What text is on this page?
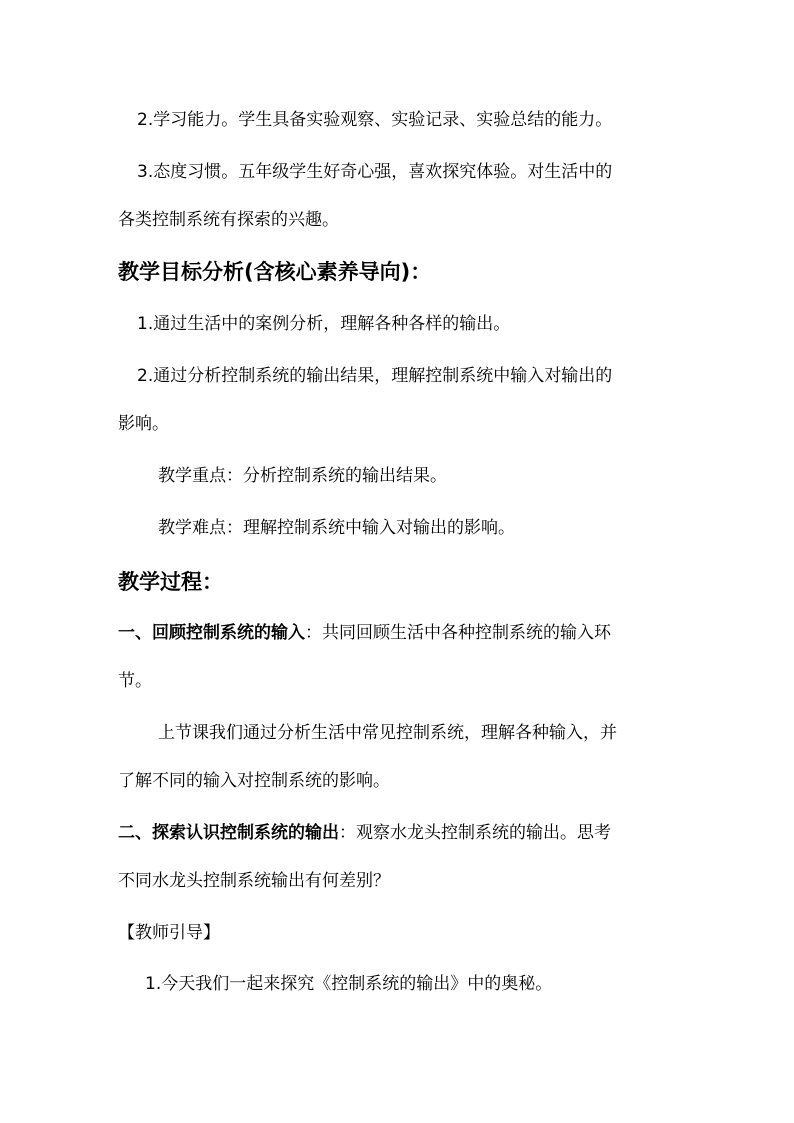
2.学习能力。学生具备实验观察、实验记录、实验总结的能力。
3.态度习惯。五年级学生好奇心强，喜欢探究体验。对生活中的
各类控制系统有探索的兴趣。
教学目标分析(含核心素养导向)：
1.通过生活中的案例分析，理解各种各样的输出。
2.通过分析控制系统的输出结果，理解控制系统中输入对输出的
影响。
教学重点：分析控制系统的输出结果。
教学难点：理解控制系统中输入对输出的影响。
教学过程：
一、回顾控制系统的输入：共同回顾生活中各种控制系统的输入环
节。
上节课我们通过分析生活中常见控制系统，理解各种输入，并
了解不同的输入对控制系统的影响。
二、探索认识控制系统的输出：观察水龙头控制系统的输出。思考
不同水龙头控制系统输出有何差别？
【教师引导】
1.今天我们一起来探究《控制系统的输出》中的奥秘。
